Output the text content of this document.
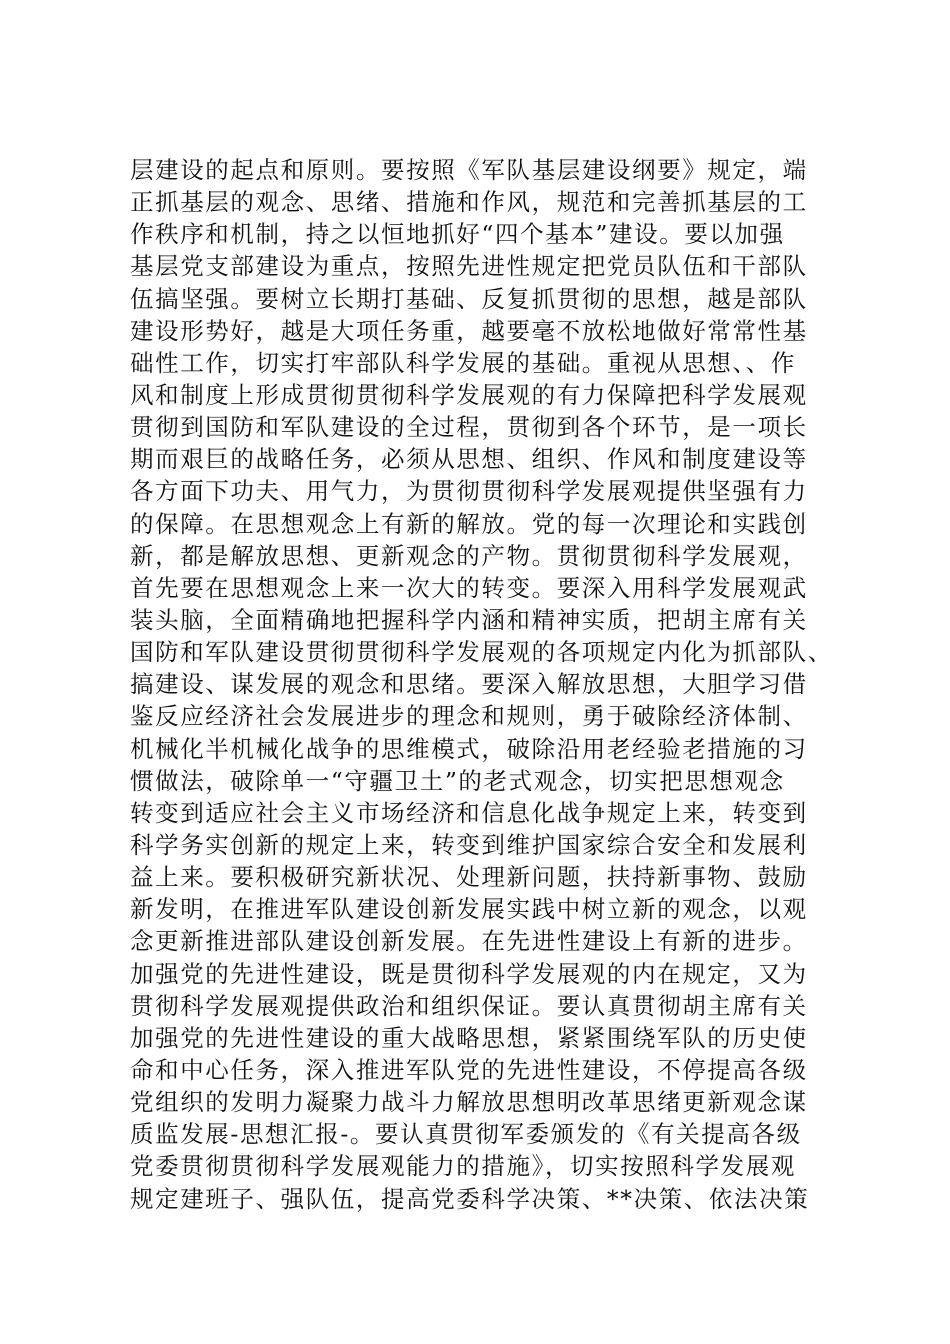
层建设的起点和原则。要按照《军队基层建设纲要》规定，端
正抓基层的观念、思绪、措施和作风，规范和完善抓基层的工
作秩序和机制，持之以恒地抓好“四个基本”建设。要以加强
基层党支部建设为重点，按照先进性规定把党员队伍和干部队
伍搞坚强。要树立长期打基础、反复抓贯彻的思想，越是部队
建设形势好，越是大项任务重，越要毫不放松地做好常常性基
础性工作，切实打牢部队科学发展的基础。重视从思想、、作
风和制度上形成贯彻贯彻科学发展观的有力保障把科学发展观
贯彻到国防和军队建设的全过程，贯彻到各个环节，是一项长
期而艰巨的战略任务，必须从思想、组织、作风和制度建设等
各方面下功夫、用气力，为贯彻贯彻科学发展观提供坚强有力
的保障。在思想观念上有新的解放。党的每一次理论和实践创
新，都是解放思想、更新观念的产物。贯彻贯彻科学发展观，
首先要在思想观念上来一次大的转变。要深入用科学发展观武
装头脑，全面精确地把握科学内涵和精神实质，把胡主席有关
国防和军队建设贯彻贯彻科学发展观的各项规定内化为抓部队、
搞建设、谋发展的观念和思绪。要深入解放思想，大胆学习借
鉴反应经济社会发展进步的理念和规则，勇于破除经济体制、
机械化半机械化战争的思维模式，破除沿用老经验老措施的习
惯做法，破除单一“守疆卫土”的老式观念，切实把思想观念
转变到适应社会主义市场经济和信息化战争规定上来，转变到
科学务实创新的规定上来，转变到维护国家综合安全和发展利
益上来。要积极研究新状况、处理新问题，扶持新事物、鼓励
新发明，在推进军队建设创新发展实践中树立新的观念，以观
念更新推进部队建设创新发展。在先进性建设上有新的进步。
加强党的先进性建设，既是贯彻科学发展观的内在规定，又为
贯彻科学发展观提供政治和组织保证。要认真贯彻胡主席有关
加强党的先进性建设的重大战略思想，紧紧围绕军队的历史使
命和中心任务，深入推进军队党的先进性建设，不停提高各级
党组织的发明力凝聚力战斗力解放思想明改革思绪更新观念谋
质监发展-思想汇报-。要认真贯彻军委颁发的《有关提高各级
党委贯彻贯彻科学发展观能力的措施》，切实按照科学发展观
规定建班子、强队伍，提高党委科学决策、**决策、依法决策
